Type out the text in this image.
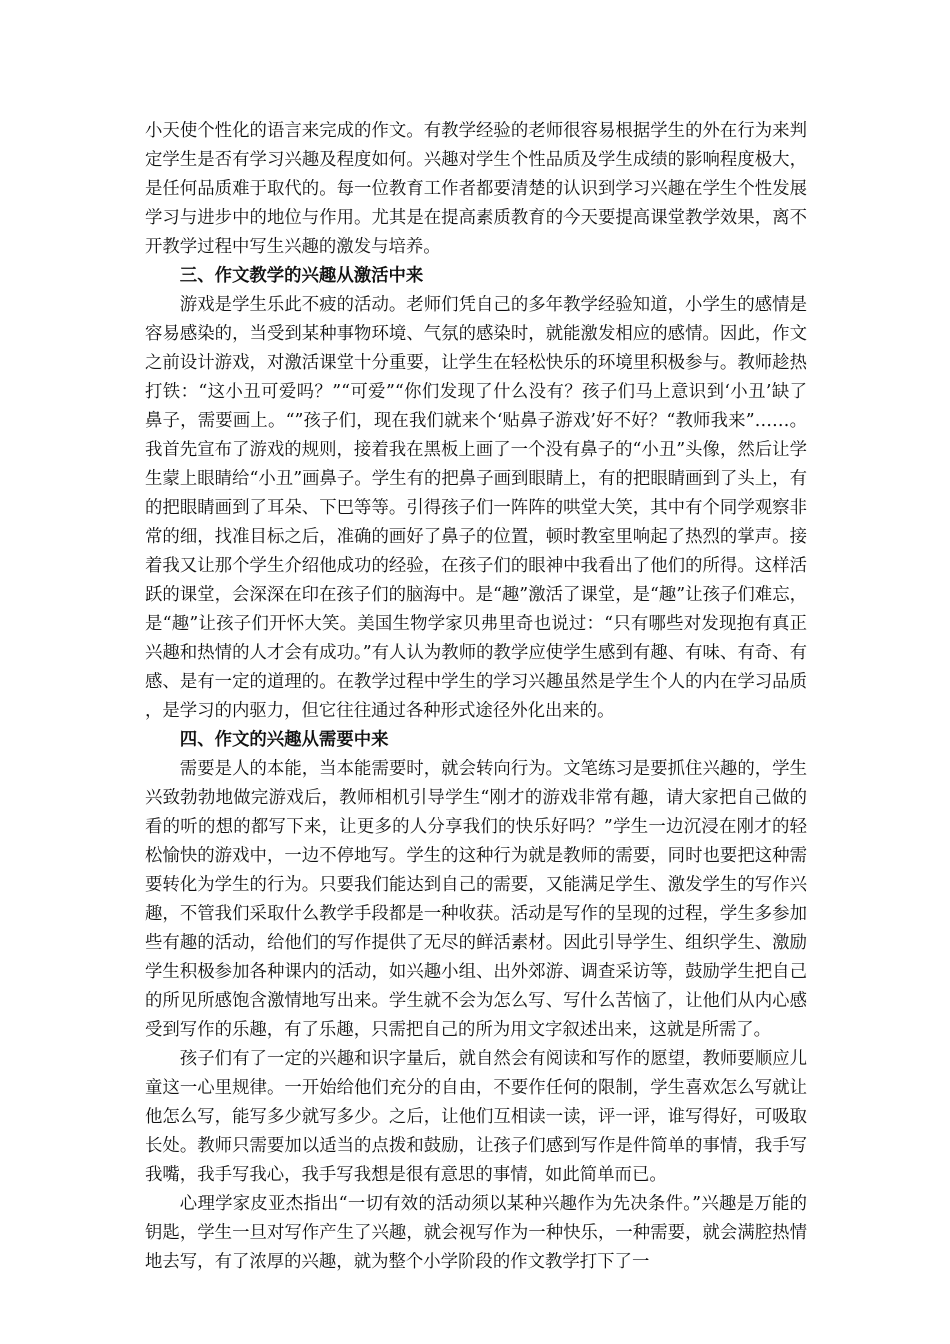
小天使个性化的语言来完成的作文。有教学经验的老师很容易根据学生的外在行为来判定学生是否有学习兴趣及程度如何。兴趣对学生个性品质及学生成绩的影响程度极大，是任何品质难于取代的。每一位教育工作者都要清楚的认识到学习兴趣在学生个性发展学习与进步中的地位与作用。尤其是在提高素质教育的今天要提高课堂教学效果，离不开教学过程中写生兴趣的激发与培养。

三、作文教学的兴趣从激活中来

游戏是学生乐此不疲的活动。老师们凭自己的多年教学经验知道，小学生的感情是容易感染的，当受到某种事物环境、气氛的感染时，就能激发相应的感情。因此，作文之前设计游戏，对激活课堂十分重要，让学生在轻松快乐的环境里积极参与。教师趁热打铁：“这小丑可爱吗？”“可爱”“你们发现了什么没有？孩子们马上意识到‘小丑’缺了鼻子，需要画上。“”孩子们，现在我们就来个‘贴鼻子游戏’好不好？“教师我来”……。我首先宣布了游戏的规则，接着我在黑板上画了一个没有鼻子的“小丑”头像，然后让学生蒙上眼睛给“小丑”画鼻子。学生有的把鼻子画到眼睛上，有的把眼睛画到了头上，有的把眼睛画到了耳朵、下巴等等。引得孩子们一阵阵的哄堂大笑，其中有个同学观察非常的细，找准目标之后，准确的画好了鼻子的位置，顿时教室里响起了热烈的掌声。接着我又让那个学生介绍他成功的经验，在孩子们的眼神中我看出了他们的所得。这样活跃的课堂，会深深在印在孩子们的脑海中。是“趣”激活了课堂，是“趣”让孩子们难忘，是“趣”让孩子们开怀大笑。美国生物学家贝弗里奇也说过：“只有哪些对发现抱有真正兴趣和热情的人才会有成功。”有人认为教师的教学应使学生感到有趣、有味、有奇、有感、是有一定的道理的。在教学过程中学生的学习兴趣虽然是学生个人的内在学习品质，是学习的内驱力，但它往往通过各种形式途径外化出来的。

四、作文的兴趣从需要中来

需要是人的本能，当本能需要时，就会转向行为。文笔练习是要抓住兴趣的，学生兴致勃勃地做完游戏后，教师相机引导学生“刚才的游戏非常有趣，请大家把自己做的看的听的想的都写下来，让更多的人分享我们的快乐好吗？”学生一边沉浸在刚才的轻松愉快的游戏中，一边不停地写。学生的这种行为就是教师的需要，同时也要把这种需要转化为学生的行为。只要我们能达到自己的需要，又能满足学生、激发学生的写作兴趣，不管我们采取什么教学手段都是一种收获。活动是写作的呈现的过程，学生多参加些有趣的活动，给他们的写作提供了无尽的鲜活素材。因此引导学生、组织学生、激励学生积极参加各种课内的活动，如兴趣小组、出外郊游、调查采访等，鼓励学生把自己的所见所感饱含激情地写出来。学生就不会为怎么写、写什么苦恼了，让他们从内心感受到写作的乐趣，有了乐趣，只需把自己的所为用文字叙述出来，这就是所需了。

孩子们有了一定的兴趣和识字量后，就自然会有阅读和写作的愿望，教师要顺应儿童这一心里规律。一开始给他们充分的自由，不要作任何的限制，学生喜欢怎么写就让他怎么写，能写多少就写多少。之后，让他们互相读一读，评一评，谁写得好，可吸取长处。教师只需要加以适当的点拨和鼓励，让孩子们感到写作是件简单的事情，我手写我嘴，我手写我心，我手写我想是很有意思的事情，如此简单而已。

心理学家皮亚杰指出“一切有效的活动须以某种兴趣作为先决条件。”兴趣是万能的钥匙，学生一旦对写作产生了兴趣，就会视写作为一种快乐，一种需要，就会满腔热情地去写，有了浓厚的兴趣，就为整个小学阶段的作文教学打下了一
